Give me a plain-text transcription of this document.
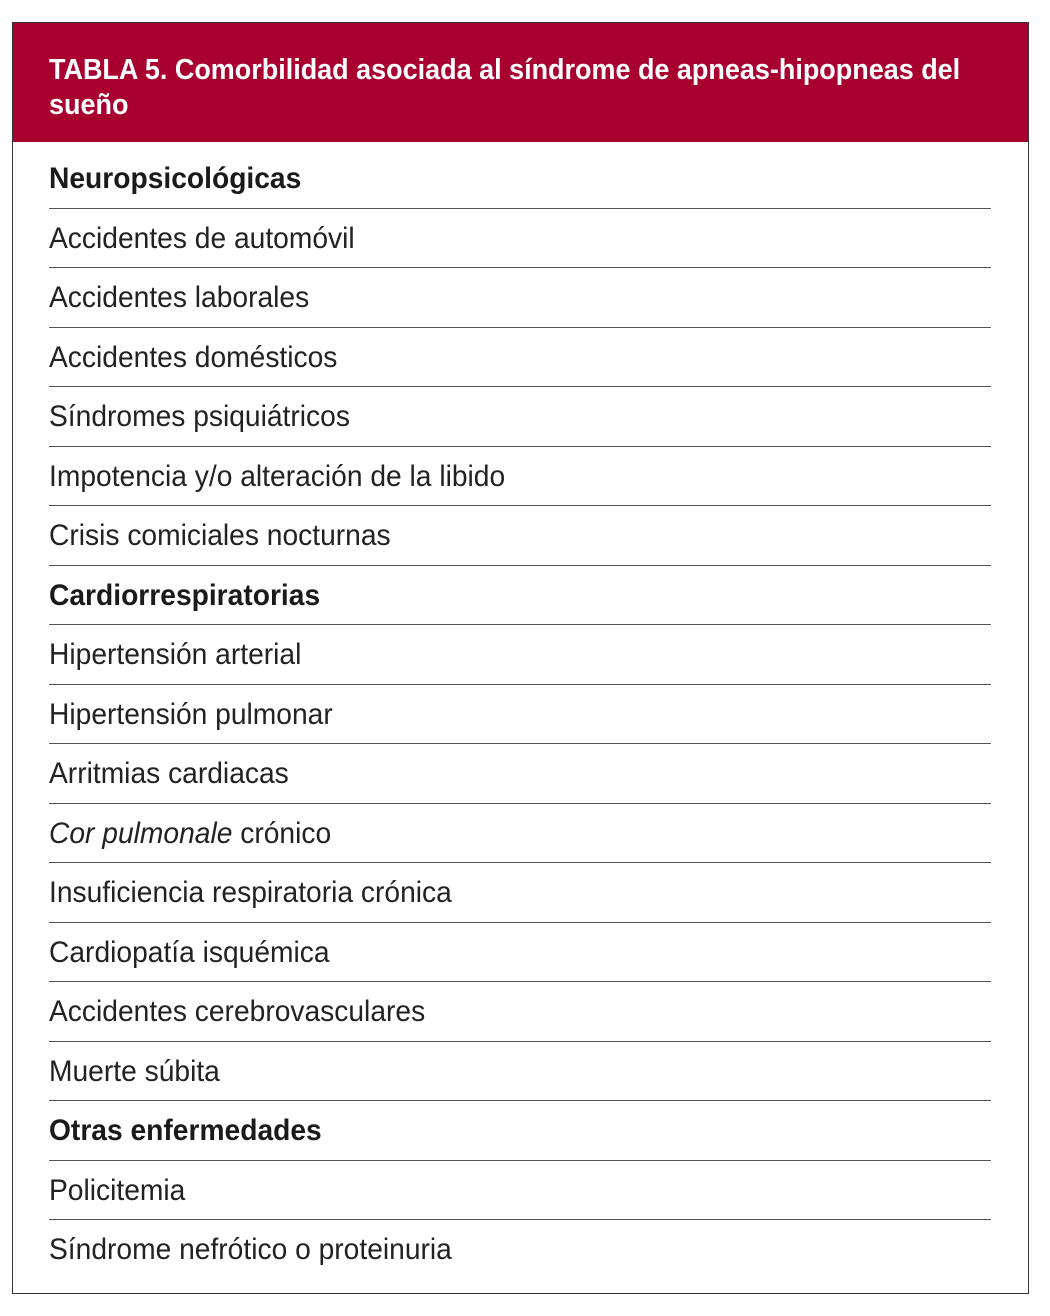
TABLA 5. Comorbilidad asociada al síndrome de apneas-hipopneas del sueño
Neuropsicológicas
Accidentes de automóvil
Accidentes laborales
Accidentes domésticos
Síndromes psiquiátricos
Impotencia y/o alteración de la libido
Crisis comiciales nocturnas
Cardiorrespiratorias
Hipertensión arterial
Hipertensión pulmonar
Arritmias cardiacas
Cor pulmonale crónico
Insuficiencia respiratoria crónica
Cardiopatía isquémica
Accidentes cerebrovasculares
Muerte súbita
Otras enfermedades
Policitemia
Síndrome nefrótico o proteinuria
